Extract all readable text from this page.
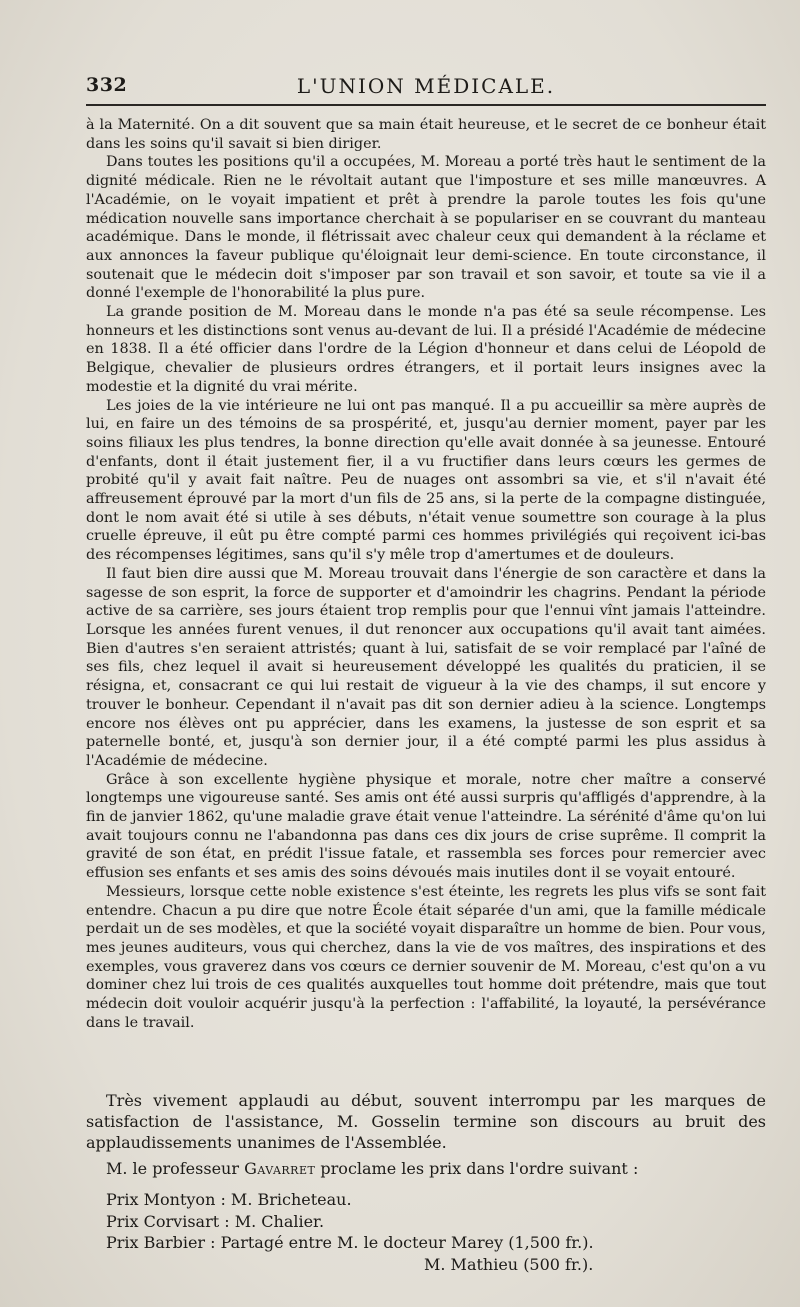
332	L'UNION MÉDICALE.

à la Maternité. On a dit souvent que sa main était heureuse, et le secret de ce bonheur était dans les soins qu'il savait si bien diriger.

Dans toutes les positions qu'il a occupées, M. Moreau a porté très haut le sentiment de la dignité médicale. Rien ne le révoltait autant que l'imposture et ses mille manœuvres. A l'Académie, on le voyait impatient et prêt à prendre la parole toutes les fois qu'une médication nouvelle sans importance cherchait à se populariser en se couvrant du manteau académique. Dans le monde, il flétrissait avec chaleur ceux qui demandent à la réclame et aux annonces la faveur publique qu'éloignait leur demi-science. En toute circonstance, il soutenait que le médecin doit s'imposer par son travail et son savoir, et toute sa vie il a donné l'exemple de l'honorabilité la plus pure.

La grande position de M. Moreau dans le monde n'a pas été sa seule récompense. Les honneurs et les distinctions sont venus au-devant de lui. Il a présidé l'Académie de médecine en 1838. Il a été officier dans l'ordre de la Légion d'honneur et dans celui de Léopold de Belgique, chevalier de plusieurs ordres étrangers, et il portait leurs insignes avec la modestie et la dignité du vrai mérite.

Les joies de la vie intérieure ne lui ont pas manqué. Il a pu accueillir sa mère auprès de lui, en faire un des témoins de sa prospérité, et, jusqu'au dernier moment, payer par les soins filiaux les plus tendres, la bonne direction qu'elle avait donnée à sa jeunesse. Entouré d'enfants, dont il était justement fier, il a vu fructifier dans leurs cœurs les germes de probité qu'il y avait fait naître. Peu de nuages ont assombri sa vie, et s'il n'avait été affreusement éprouvé par la mort d'un fils de 25 ans, si la perte de la compagne distinguée, dont le nom avait été si utile à ses débuts, n'était venue soumettre son courage à la plus cruelle épreuve, il eût pu être compté parmi ces hommes privilégiés qui reçoivent ici-bas des récompenses légitimes, sans qu'il s'y mêle trop d'amertumes et de douleurs.

Il faut bien dire aussi que M. Moreau trouvait dans l'énergie de son caractère et dans la sagesse de son esprit, la force de supporter et d'amoindrir les chagrins. Pendant la période active de sa carrière, ses jours étaient trop remplis pour que l'ennui vînt jamais l'atteindre. Lorsque les années furent venues, il dut renoncer aux occupations qu'il avait tant aimées. Bien d'autres s'en seraient attristés; quant à lui, satisfait de se voir remplacé par l'aîné de ses fils, chez lequel il avait si heureusement développé les qualités du praticien, il se résigna, et, consacrant ce qui lui restait de vigueur à la vie des champs, il sut encore y trouver le bonheur. Cependant il n'avait pas dit son dernier adieu à la science. Longtemps encore nos élèves ont pu apprécier, dans les examens, la justesse de son esprit et sa paternelle bonté, et, jusqu'à son dernier jour, il a été compté parmi les plus assidus à l'Académie de médecine.

Grâce à son excellente hygiène physique et morale, notre cher maître a conservé longtemps une vigoureuse santé. Ses amis ont été aussi surpris qu'affligés d'apprendre, à la fin de janvier 1862, qu'une maladie grave était venue l'atteindre. La sérénité d'âme qu'on lui avait toujours connu ne l'abandonna pas dans ces dix jours de crise suprême. Il comprit la gravité de son état, en prédit l'issue fatale, et rassembla ses forces pour remercier avec effusion ses enfants et ses amis des soins dévoués mais inutiles dont il se voyait entouré.

Messieurs, lorsque cette noble existence s'est éteinte, les regrets les plus vifs se sont fait entendre. Chacun a pu dire que notre École était séparée d'un ami, que la famille médicale perdait un de ses modèles, et que la société voyait disparaître un homme de bien. Pour vous, mes jeunes auditeurs, vous qui cherchez, dans la vie de vos maîtres, des inspirations et des exemples, vous graverez dans vos cœurs ce dernier souvenir de M. Moreau, c'est qu'on a vu dominer chez lui trois de ces qualités auxquelles tout homme doit prétendre, mais que tout médecin doit vouloir acquérir jusqu'à la perfection : l'affabilité, la loyauté, la persévérance dans le travail.

Très vivement applaudi au début, souvent interrompu par les marques de satisfaction de l'assistance, M. Gosselin termine son discours au bruit des applaudissements unanimes de l'Assemblée.

M. le professeur Gavarret proclame les prix dans l'ordre suivant :
Prix Montyon : M. Bricheteau.
Prix Corvisart : M. Chalier.
Prix Barbier : Partagé entre M. le docteur Marey (1,500 fr.).
M. Mathieu (500 fr.).
